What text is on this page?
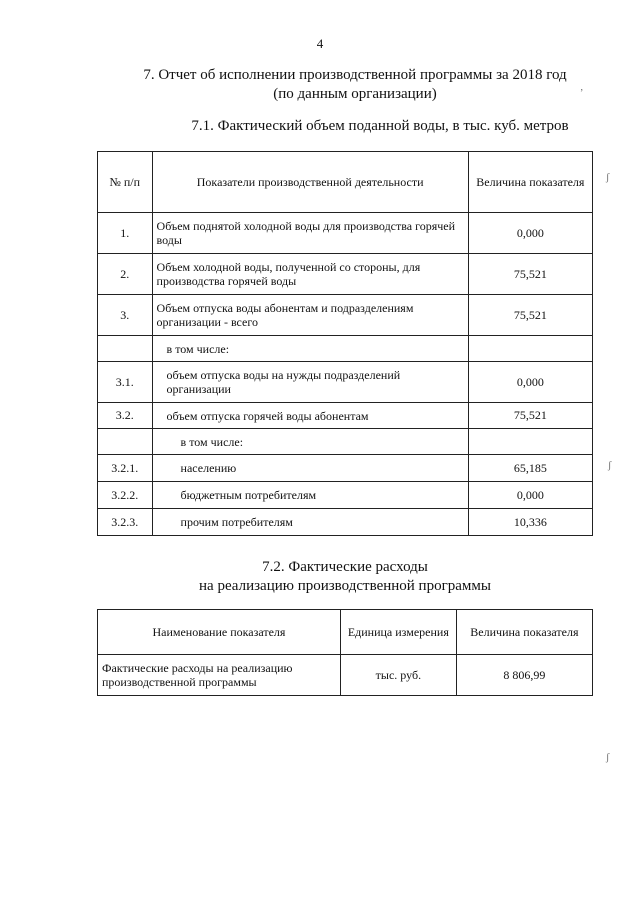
4
7. Отчет об исполнении производственной программы за 2018 год
(по данным организации)
7.1. Фактический объем поданной воды, в тыс. куб. метров
№ п/п	Показатели производственной деятельности	Величина показателя
1.	Объем поднятой холодной воды для производства горячей воды	0,000
2.	Объем холодной воды, полученной со стороны, для производства горячей воды	75,521
3.	Объем отпуска воды абонентам и подразделениям организации - всего	75,521
	в том числе:	
3.1.	объем отпуска воды на нужды подразделений организации	0,000
3.2.	объем отпуска горячей воды абонентам	75,521
	в том числе:	
3.2.1.	населению	65,185
3.2.2.	бюджетным потребителям	0,000
3.2.3.	прочим потребителям	10,336
7.2. Фактические расходы
на реализацию производственной программы
Наименование показателя	Единица измерения	Величина показателя
Фактические расходы на реализацию производственной программы	тыс. руб.	8 806,99
ʼ
ʃ
ʃ
ʃ
